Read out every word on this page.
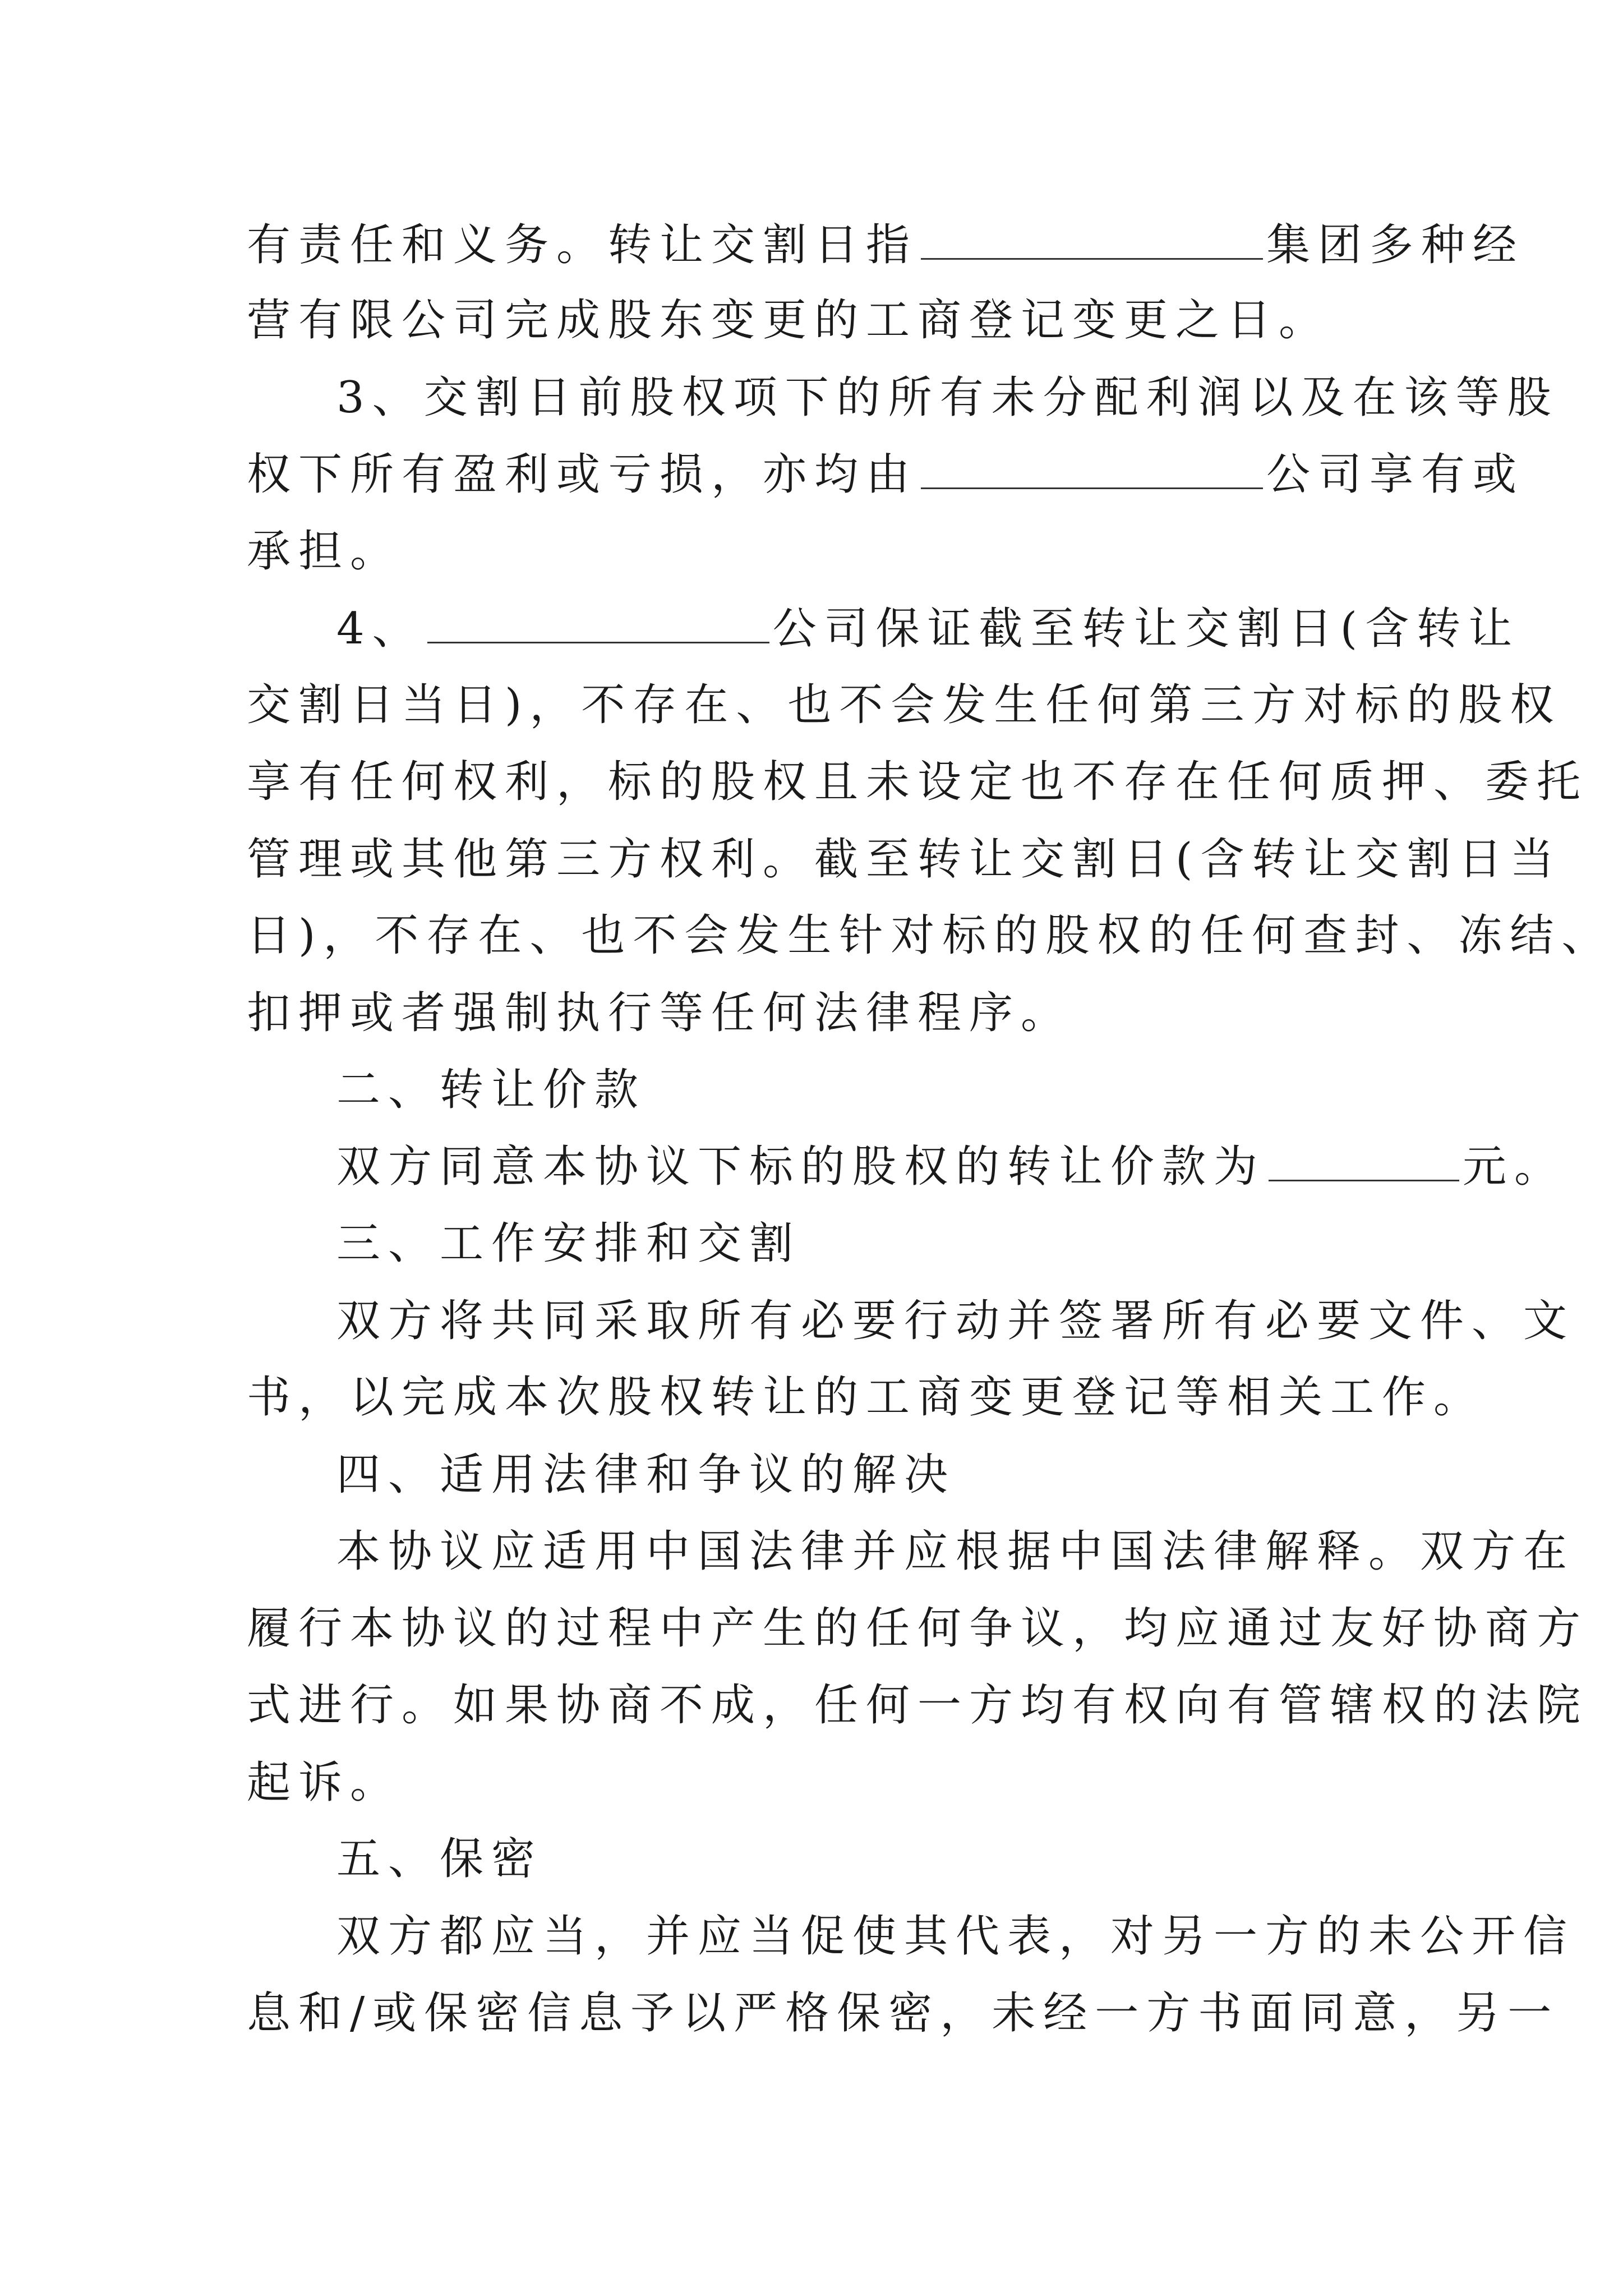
有责任和义务。转让交割日指	集团多种经
营有限公司完成股东变更的工商登记变更之日。
3、交割日前股权项下的所有未分配利润以及在该等股
权下所有盈利或亏损，亦均由	公司享有或
承担。
4、	公司保证截至转让交割日(含转让
交割日当日)，不存在、也不会发生任何第三方对标的股权
享有任何权利，标的股权且未设定也不存在任何质押、委托
管理或其他第三方权利。截至转让交割日(含转让交割日当
日)，不存在、也不会发生针对标的股权的任何查封、冻结、
扣押或者强制执行等任何法律程序。
二、转让价款
双方同意本协议下标的股权的转让价款为	元。
三、工作安排和交割
双方将共同采取所有必要行动并签署所有必要文件、文
书，以完成本次股权转让的工商变更登记等相关工作。
四、适用法律和争议的解决
本协议应适用中国法律并应根据中国法律解释。双方在
履行本协议的过程中产生的任何争议，均应通过友好协商方
式进行。如果协商不成，任何一方均有权向有管辖权的法院
起诉。
五、保密
双方都应当，并应当促使其代表，对另一方的未公开信
息和/或保密信息予以严格保密，未经一方书面同意，另一
